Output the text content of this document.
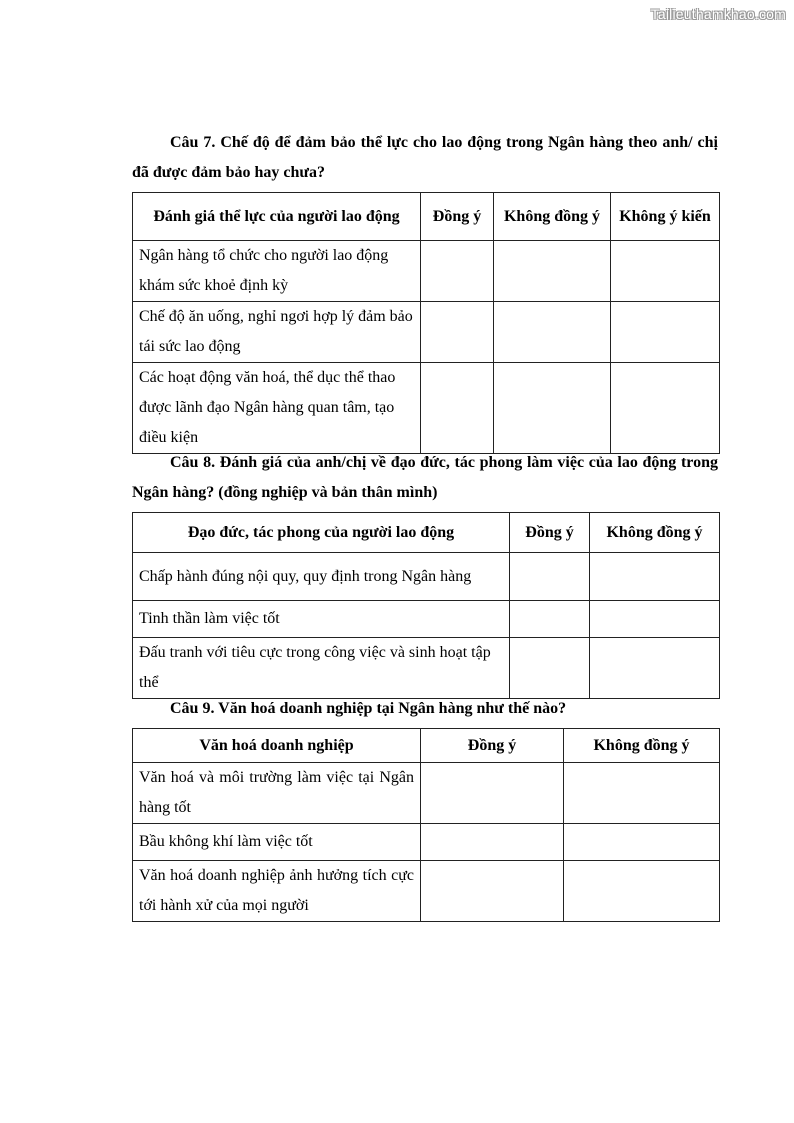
Tailieuthamkhao.com
Câu 7. Chế độ để đảm bảo thể lực cho lao động trong Ngân hàng theo anh/ chị đã được đảm bảo hay chưa?
Đánh giá thể lực của người lao động	Đồng ý	Không đồng ý	Không ý kiến
Ngân hàng tổ chức cho người lao động khám sức khoẻ định kỳ			
Chế độ ăn uống, nghỉ ngơi hợp lý đảm bảo tái sức lao động			
Các hoạt động văn hoá, thể dục thể thao được lãnh đạo Ngân hàng quan tâm, tạo điều kiện			
Câu 8. Đánh giá của anh/chị về đạo đức, tác phong làm việc của lao động trong Ngân hàng? (đồng nghiệp và bản thân mình)
Đạo đức, tác phong của người lao động	Đồng ý	Không đồng ý
Chấp hành đúng nội quy, quy định trong Ngân hàng		
Tinh thần làm việc tốt		
Đấu tranh với tiêu cực trong công việc và sinh hoạt tập thể		
Câu 9. Văn hoá doanh nghiệp tại Ngân hàng như thế nào?
Văn hoá doanh nghiệp	Đồng ý	Không đồng ý
Văn hoá và môi trường làm việc tại Ngân hàng tốt		
Bầu không khí làm việc tốt		
Văn hoá doanh nghiệp ảnh hưởng tích cực tới hành xử của mọi người		
